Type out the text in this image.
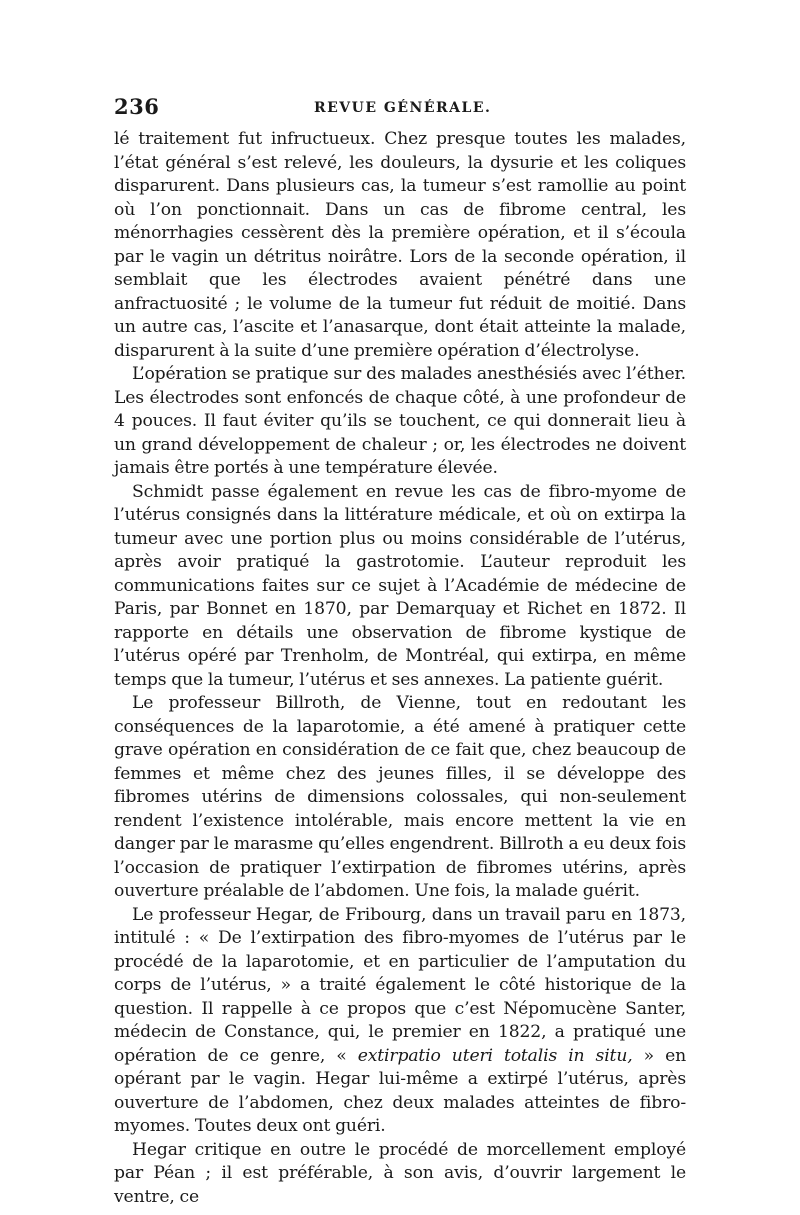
236	REVUE GÉNÉRALE.

lé traitement fut infructueux. Chez presque toutes les malades, l’état général s’est relevé, les douleurs, la dysurie et les coliques disparurent. Dans plusieurs cas, la tumeur s’est ramollie au point où l’on ponctionnait. Dans un cas de fibrome central, les ménorrhagies cessèrent dès la première opération, et il s’écoula par le vagin un détritus noirâtre. Lors de la seconde opération, il semblait que les électrodes avaient pénétré dans une anfractuosité ; le volume de la tumeur fut réduit de moitié. Dans un autre cas, l’ascite et l’anasarque, dont était atteinte la malade, disparurent à la suite d’une première opération d’électrolyse.

L’opération se pratique sur des malades anesthésiés avec l’éther. Les électrodes sont enfoncés de chaque côté, à une profondeur de 4 pouces. Il faut éviter qu’ils se touchent, ce qui donnerait lieu à un grand développement de chaleur ; or, les électrodes ne doivent jamais être portés à une température élevée.

Schmidt passe également en revue les cas de fibro-myome de l’utérus consignés dans la littérature médicale, et où on extirpa la tumeur avec une portion plus ou moins considérable de l’utérus, après avoir pratiqué la gastrotomie. L’auteur reproduit les communications faites sur ce sujet à l’Académie de médecine de Paris, par Bonnet en 1870, par Demarquay et Richet en 1872. Il rapporte en détails une observation de fibrome kystique de l’utérus opéré par Trenholm, de Montréal, qui extirpa, en même temps que la tumeur, l’utérus et ses annexes. La patiente guérit.

Le professeur Billroth, de Vienne, tout en redoutant les conséquences de la laparotomie, a été amené à pratiquer cette grave opération en considération de ce fait que, chez beaucoup de femmes et même chez des jeunes filles, il se développe des fibromes utérins de dimensions colossales, qui non-seulement rendent l’existence intolérable, mais encore mettent la vie en danger par le marasme qu’elles engendrent. Billroth a eu deux fois l’occasion de pratiquer l’extirpation de fibromes utérins, après ouverture préalable de l’abdomen. Une fois, la malade guérit.

Le professeur Hegar, de Fribourg, dans un travail paru en 1873, intitulé : « De l’extirpation des fibro-myomes de l’utérus par le procédé de la laparotomie, et en particulier de l’amputation du corps de l’utérus, » a traité également le côté historique de la question. Il rappelle à ce propos que c’est Népomucène Santer, médecin de Constance, qui, le premier en 1822, a pratiqué une opération de ce genre, « extirpatio uteri totalis in situ, » en opérant par le vagin. Hegar lui-même a extirpé l’utérus, après ouverture de l’abdomen, chez deux malades atteintes de fibro-myomes. Toutes deux ont guéri.

Hegar critique en outre le procédé de morcellement employé par Péan ; il est préférable, à son avis, d’ouvrir largement le ventre, ce
